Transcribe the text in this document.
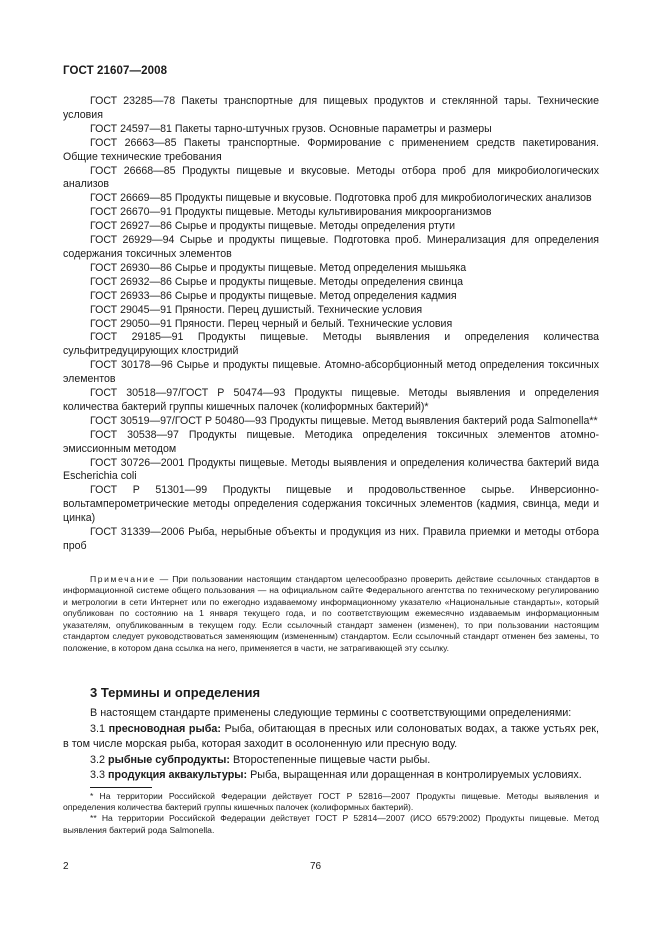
ГОСТ 21607—2008

ГОСТ 23285—78 Пакеты транспортные для пищевых продуктов и стеклянной тары. Технические условия

ГОСТ 24597—81 Пакеты тарно-штучных грузов. Основные параметры и размеры

ГОСТ 26663—85 Пакеты транспортные. Формирование с применением средств пакетирования. Общие технические требования

ГОСТ 26668—85 Продукты пищевые и вкусовые. Методы отбора проб для микробиологических анализов

ГОСТ 26669—85 Продукты пищевые и вкусовые. Подготовка проб для микробиологических анализов

ГОСТ 26670—91 Продукты пищевые. Методы культивирования микроорганизмов

ГОСТ 26927—86 Сырье и продукты пищевые. Методы определения ртути

ГОСТ 26929—94 Сырье и продукты пищевые. Подготовка проб. Минерализация для определения содержания токсичных элементов

ГОСТ 26930—86 Сырье и продукты пищевые. Метод определения мышьяка

ГОСТ 26932—86 Сырье и продукты пищевые. Методы определения свинца

ГОСТ 26933—86 Сырье и продукты пищевые. Метод определения кадмия

ГОСТ 29045—91 Пряности. Перец душистый. Технические условия

ГОСТ 29050—91 Пряности. Перец черный и белый. Технические условия

ГОСТ 29185—91 Продукты пищевые. Методы выявления и определения количества сульфитредуцирующих клостридий

ГОСТ 30178—96 Сырье и продукты пищевые. Атомно-абсорбционный метод определения токсичных элементов

ГОСТ 30518—97/ГОСТ Р 50474—93 Продукты пищевые. Методы выявления и определения количества бактерий группы кишечных палочек (колиформных бактерий)*

ГОСТ 30519—97/ГОСТ Р 50480—93 Продукты пищевые. Метод выявления бактерий рода Salmonella**

ГОСТ 30538—97 Продукты пищевые. Методика определения токсичных элементов атомно-эмиссионным методом

ГОСТ 30726—2001 Продукты пищевые. Методы выявления и определения количества бактерий вида Escherichia coli

ГОСТ Р 51301—99 Продукты пищевые и продовольственное сырье. Инверсионно-вольтамперометрические методы определения содержания токсичных элементов (кадмия, свинца, меди и цинка)

ГОСТ 31339—2006 Рыба, нерыбные объекты и продукция из них. Правила приемки и методы отбора проб

Примечание — При пользовании настоящим стандартом целесообразно проверить действие ссылочных стандартов в информационной системе общего пользования — на официальном сайте Федерального агентства по техническому регулированию и метрологии в сети Интернет или по ежегодно издаваемому информационному указателю «Национальные стандарты», который опубликован по состоянию на 1 января текущего года, и по соответствующим ежемесячно издаваемым информационным указателям, опубликованным в текущем году. Если ссылочный стандарт заменен (изменен), то при пользовании настоящим стандартом следует руководствоваться заменяющим (измененным) стандартом. Если ссылочный стандарт отменен без замены, то положение, в котором дана ссылка на него, применяется в части, не затрагивающей эту ссылку.
3 Термины и определения

В настоящем стандарте применены следующие термины с соответствующими определениями:

3.1 пресноводная рыба: Рыба, обитающая в пресных или солоноватых водах, а также устьях рек, в том числе морская рыба, которая заходит в осолоненную или пресную воду.

3.2 рыбные субпродукты: Второстепенные пищевые части рыбы.

3.3 продукция аквакультуры: Рыба, выращенная или доращенная в контролируемых условиях.

* На территории Российской Федерации действует ГОСТ Р 52816—2007 Продукты пищевые. Методы выявления и определения количества бактерий группы кишечных палочек (колиформных бактерий).

** На территории Российской Федерации действует ГОСТ Р 52814—2007 (ИСО 6579:2002) Продукты пищевые. Метод выявления бактерий рода Salmonella.

2	76
